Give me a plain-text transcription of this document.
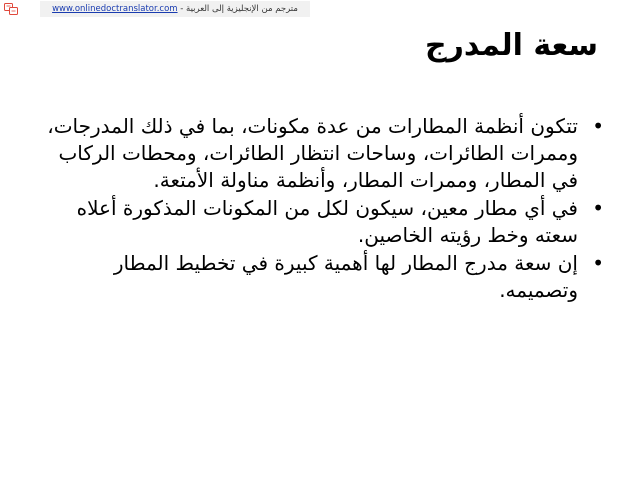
www.onlinedoctranslator.com - مترجم من الإنجليزية إلى العربية
سعة المدرج
•
تتكون أنظمة المطارات من عدة مكونات، بما في ذلك المدرجات، وممرات الطائرات، وساحات انتظار الطائرات، ومحطات الركاب في المطار، وممرات المطار، وأنظمة مناولة الأمتعة.
•
في أي مطار معين، سيكون لكل من المكونات المذكورة أعلاه سعته وخط رؤيته الخاصين.
•
إن سعة مدرج المطار لها أهمية كبيرة في تخطيط المطار وتصميمه.
